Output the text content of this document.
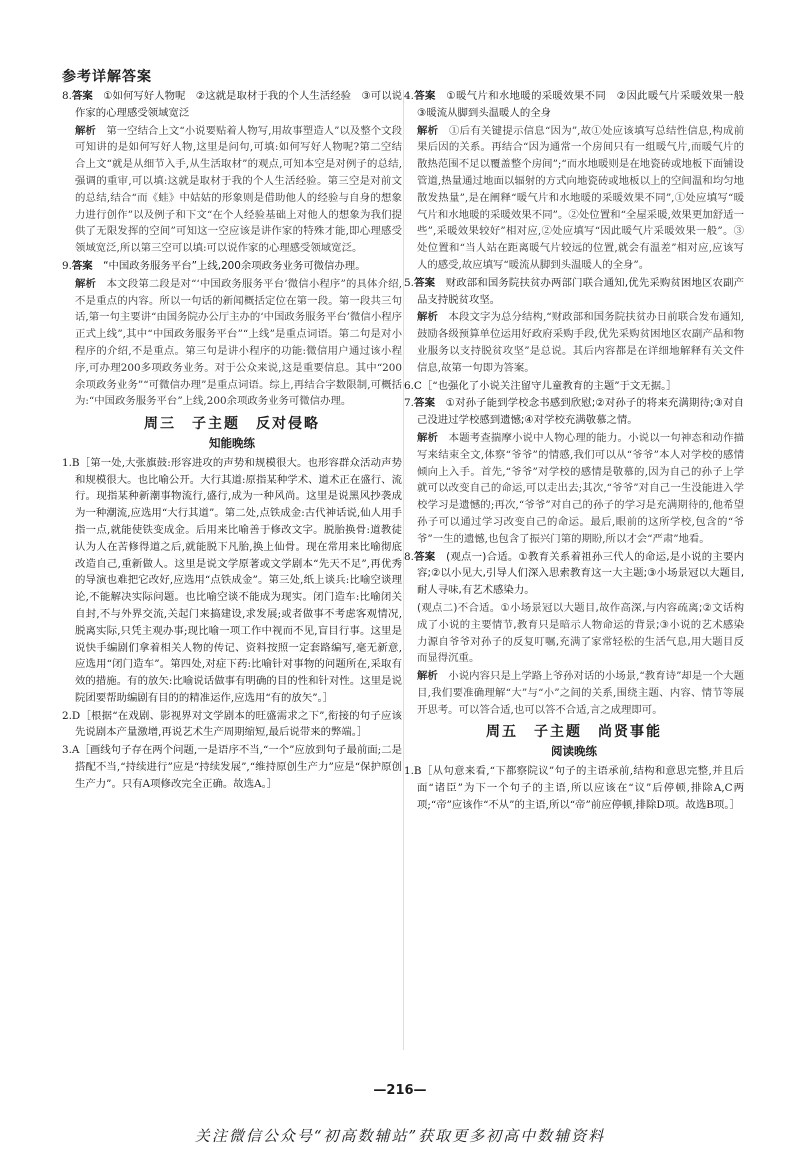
参考详解答案

8.答案　 ①如何写好人物呢　②这就是取材于我的个人生活经验　③可以说作家的心理感受领域宽泛

解析　 第一空结合上文“小说要贴着人物写,用故事塑造人”以及整个文段可知讲的是如何写好人物,这里是问句,可填:如何写好人物呢?第二空结合上文“就是从细节入手,从生活取材”的观点,可知本空是对例子的总结,强调的重审,可以填:这就是取材于我的个人生活经验。第三空是对前文的总结,结合“而《蛙》中姑姑的形象则是借助他人的经验与自身的想象力进行创作”以及例子和下文“在个人经验基础上对他人的想象为我们提供了无限发挥的空间”可知这一空应该是讲作家的特殊才能,即心理感受领域宽泛,所以第三空可以填:可以说作家的心理感受领域宽泛。

9.答案　 “中国政务服务平台”上线,200余项政务业务可微信办理。

解析　 本文段第二段是对“‘中国政务服务平台’微信小程序”的具体介绍,不是重点的内容。所以一句话的新闻概括定位在第一段。第一段共三句话,第一句主要讲“由国务院办公厅主办的‘中国政务服务平台’微信小程序正式上线”,其中“中国政务服务平台”“上线”是重点词语。第二句是对小程序的介绍,不是重点。第三句是讲小程序的功能:微信用户通过该小程序,可办理200多项政务业务。对于公众来说,这是重要信息。其中“200余项政务业务”“可微信办理”是重点词语。综上,再结合字数限制,可概括为:“中国政务服务平台”上线,200余项政务业务可微信办理。

周三　子主题　反对侵略
知能晚练

1.B［第一处,大张旗鼓:形容进攻的声势和规模很大。也形容群众活动声势和规模很大。也比喻公开。大行其道:原指某种学术、道术正在盛行、流行。现指某种新潮事物流行,盛行,成为一种风尚。这里是说黑风抄袭成为一种潮流,应选用“大行其道”。第二处,点铁成金:古代神话说,仙人用手指一点,就能使铁变成金。后用来比喻善于修改文字。脱胎换骨:道教徒认为人在苦修得道之后,就能脱下凡胎,换上仙骨。现在常用来比喻彻底改造自己,重新做人。这里是说文学原著或文学剧本“先天不足”,再优秀的导演也难把它改好,应选用“点铁成金”。第三处,纸上谈兵:比喻空谈理论,不能解决实际问题。也比喻空谈不能成为现实。闭门造车:比喻闭关自封,不与外界交流,关起门来搞建设,求发展;或者做事不考虑客观情况,脱离实际,只凭主观办事;现比喻一项工作中视而不见,盲目行事。这里是说快手编剧们拿着相关人物的传记、资料按照一定套路编写,毫无新意,应选用“闭门造车”。第四处,对症下药:比喻针对事物的问题所在,采取有效的措施。有的放矢:比喻说话做事有明确的目的性和针对性。这里是说院团要帮助编剧有目的的精准运作,应选用“有的放矢”。］

2.D［根据“在戏剧、影视界对文学剧本的旺盛需求之下”,衔接的句子应该先说剧本产量激增,再说艺术生产周期缩短,最后说带来的弊端。］

3.A［画线句子存在两个问题,一是语序不当,“一个”应放到句子最前面;二是搭配不当,“持续进行”应是“持续发展”,“维持原创生产力”应是“保护原创生产力”。只有A项修改完全正确。故选A。］

4.答案　 ①暖气片和水地暖的采暖效果不同　②因此暖气片采暖效果一般　③暖流从脚到头温暖人的全身

解析　 ①后有关键提示信息“因为”,故①处应该填写总结性信息,构成前果后因的关系。再结合“因为通常一个房间只有一组暖气片,而暖气片的散热范围不足以覆盖整个房间”;“而水地暖则是在地瓷砖或地板下面铺设管道,热量通过地面以辐射的方式向地瓷砖或地板以上的空间温和均匀地散发热量”,是在阐释“暖气片和水地暖的采暖效果不同”,①处应填写“暖气片和水地暖的采暖效果不同”。②处位置和“全屋采暖,效果更加舒适一些”,采暖效果较好”相对应,②处应填写“因此暖气片采暖效果一般”。③处位置和“当人站在距离暖气片较远的位置,就会有温差”相对应,应该写人的感受,故应填写“暖流从脚到头温暖人的全身”。

5.答案　 财政部和国务院扶贫办两部门联合通知,优先采购贫困地区农副产品支持脱贫攻坚。

解析　 本段文字为总分结构,“财政部和国务院扶贫办日前联合发布通知,鼓励各级预算单位运用好政府采购手段,优先采购贫困地区农副产品和物业服务以支持脱贫攻坚”是总说。其后内容都是在详细地解释有关文件信息,故第一句即为答案。

6.C［“也强化了小说关注留守儿童教育的主题”于文无据。］

7.答案　 ①对孙子能到学校念书感到欣慰;②对孙子的将来充满期待;③对自己没进过学校感到遗憾;④对学校充满敬慕之情。

解析　 本题考查揣摩小说中人物心理的能力。小说以一句神态和动作描写来结束全文,体察“爷爷”的情感,我们可以从“爷爷”本人对学校的感情倾向上入手。首先,“爷爷”对学校的感情是敬慕的,因为自己的孙子上学就可以改变自己的命运,可以走出去;其次,“爷爷”对自己一生没能进入学校学习是遗憾的;再次,“爷爷”对自己的孙子的学习是充满期待的,他希望孙子可以通过学习改变自己的命运。最后,眼前的这所学校,包含的“爷爷”一生的遗憾,也包含了振兴门第的期盼,所以才会“严肃”地看。

8.答案　 (观点一)合适。①教育关系着祖孙三代人的命运,是小说的主要内容;②以小见大,引导人们深入思索教育这一大主题;③小场景冠以大题目,耐人寻味,有艺术感染力。

(观点二)不合适。①小场景冠以大题目,故作高深,与内容疏离;②文话构成了小说的主要情节,教育只是暗示人物命运的背景;③小说的艺术感染力源自爷爷对孙子的反复叮嘱,充满了家常轻松的生活气息,用大题目反而显得沉重。

解析　 小说内容只是上学路上爷孙对话的小场景,“教育诗”却是一个大题目,我们要准确理解“大”与“小”之间的关系,围绕主题、内容、情节等展开思考。可以答合适,也可以答不合适,言之成理即可。

周五　子主题　尚贤事能
阅读晚练

1.B［从句意来看,“下都察院议”句子的主语承前,结构和意思完整,并且后面“诸臣”为下一个句子的主语,所以应该在“议”后停顿,排除A,C两项;“帝”应该作“不从”的主语,所以“帝”前应停顿,排除D项。故选B项。］

—216—
关注微信公众号“初高数辅站”获取更多初高中数辅资料
